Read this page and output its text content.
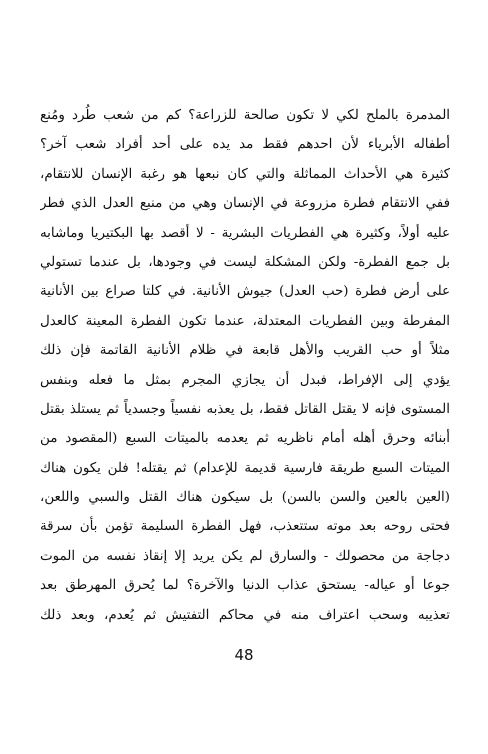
المدمرة بالملح لكي لا تكون صالحة للزراعة؟ كم من شعب طُرد ومُنع
أطفاله الأبرياء لأن احدهم فقط مد يده على أحد أفراد شعب آخر؟
كثيرة هي الأحداث المماثلة والتي كان نبعها هو رغبة الإنسان للانتقام،
ففي الانتقام فطرة مزروعة في الإنسان وهي من منبع العدل الذي فطر
عليه أولاً، وكثيرة هي الفطريات البشرية - لا أقصد بها البكتيريا وماشابه
بل جمع الفطرة- ولكن المشكلة ليست في وجودها، بل عندما تستولي
على أرض فطرة (حب العدل) جيوش الأنانية. في كلتا صراع بين الأنانية
المفرطة وبين الفطريات المعتدلة، عندما تكون الفطرة المعينة كالعدل
مثلاً أو حب القريب والأهل قابعة في ظلام الأنانية القاتمة فإن ذلك
يؤدي إلى الإفراط، فبدل أن يجازي المجرم بمثل ما فعله وبنفس
المستوى فإنه لا يقتل القاتل فقط، بل يعذبه نفسياً وجسدياً ثم يستلذ بقتل
أبنائه وحرق أهله أمام ناظريه ثم يعدمه بالميتات السبع (المقصود من
الميتات السبع طريقة فارسية قديمة للإعدام) ثم يقتله! فلن يكون هناك
(العين بالعين والسن بالسن) بل سيكون هناك القتل والسبي واللعن،
فحتى روحه بعد موته ستتعذب، فهل الفطرة السليمة تؤمن بأن سرقة
دجاجة من محصولك - والسارق لم يكن يريد إلا إنقاذ نفسه من الموت
جوعا أو عياله- يستحق عذاب الدنيا والآخرة؟ لما يُحرق المهرطق بعد
تعذيبه وسحب اعتراف منه في محاكم التفتيش ثم يُعدم، وبعد ذلك
48
